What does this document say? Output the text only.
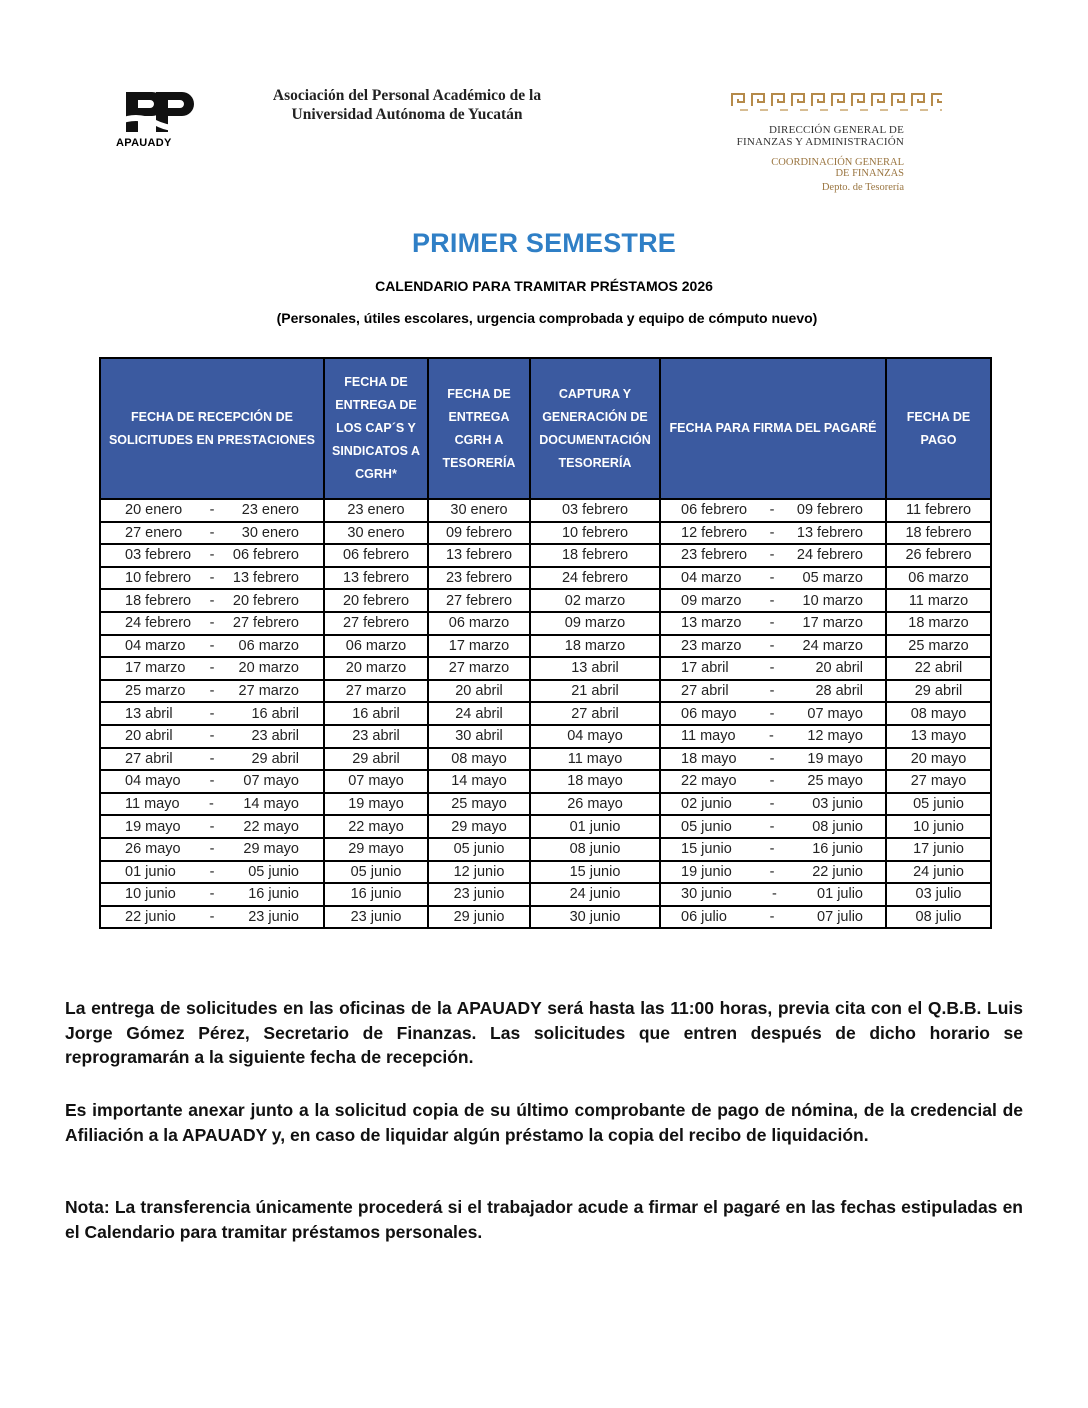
APAUADY
Asociación del Personal Académico de la
Universidad Autónoma de Yucatán
DIRECCIÓN GENERAL DE
FINANZAS Y ADMINISTRACIÓN
COORDINACIÓN GENERAL
DE FINANZAS
Depto. de Tesorería
PRIMER SEMESTRE
CALENDARIO PARA TRAMITAR PRÉSTAMOS 2026
(Personales, útiles escolares, urgencia comprobada y equipo de cómputo nuevo)
FECHA DE RECEPCIÓN DE SOLICITUDES EN PRESTACIONES	FECHA DE ENTREGA DE LOS CAP´S Y SINDICATOS A CGRH*	FECHA DE ENTREGA CGRH A TESORERÍA	CAPTURA Y GENERACIÓN DE DOCUMENTACIÓN TESORERÍA	FECHA PARA FIRMA DEL PAGARÉ	FECHA DE PAGO

20 enero - 23 enero	23 enero	30 enero	03 febrero	06 febrero - 09 febrero	11 febrero

27 enero - 30 enero	30 enero	09 febrero	10 febrero	12 febrero - 13 febrero	18 febrero

03 febrero - 06 febrero	06 febrero	13 febrero	18 febrero	23 febrero - 24 febrero	26 febrero

10 febrero - 13 febrero	13 febrero	23 febrero	24 febrero	04 marzo - 05 marzo	06 marzo

18 febrero - 20 febrero	20 febrero	27 febrero	02 marzo	09 marzo - 10 marzo	11 marzo

24 febrero - 27 febrero	27 febrero	06 marzo	09 marzo	13 marzo - 17 marzo	18 marzo

04 marzo - 06 marzo	06 marzo	17 marzo	18 marzo	23 marzo - 24 marzo	25 marzo

17 marzo - 20 marzo	20 marzo	27 marzo	13 abril	17 abril - 20 abril	22 abril

25 marzo - 27 marzo	27 marzo	20 abril	21 abril	27 abril - 28 abril	29 abril

13 abril - 16 abril	16 abril	24 abril	27 abril	06 mayo - 07 mayo	08 mayo

20 abril - 23 abril	23 abril	30 abril	04 mayo	11 mayo - 12 mayo	13 mayo

27 abril - 29 abril	29 abril	08 mayo	11 mayo	18 mayo - 19 mayo	20 mayo

04 mayo - 07 mayo	07 mayo	14 mayo	18 mayo	22 mayo - 25 mayo	27 mayo

11 mayo - 14 mayo	19 mayo	25 mayo	26 mayo	02 junio - 03 junio	05 junio

19 mayo - 22 mayo	22 mayo	29 mayo	01 junio	05 junio - 08 junio	10 junio

26 mayo - 29 mayo	29 mayo	05 junio	08 junio	15 junio - 16 junio	17 junio

01 junio - 05 junio	05 junio	12 junio	15 junio	19 junio - 22 junio	24 junio

10 junio - 16 junio	16 junio	23 junio	24 junio	30 junio - 01 julio	03 julio

22 junio - 23 junio	23 junio	29 junio	30 junio	06 julio - 07 julio	08 julio
La entrega de solicitudes en las oficinas de la APAUADY será hasta las 11:00 horas, previa cita con el Q.B.B. Luis Jorge Gómez Pérez, Secretario de Finanzas. Las solicitudes que entren después de dicho horario se reprogramarán a la siguiente fecha de recepción.
Es importante anexar junto a la solicitud copia de su último comprobante de pago de nómina, de la credencial de Afiliación a la APAUADY y, en caso de liquidar algún préstamo la copia del recibo de liquidación.
Nota: La transferencia únicamente procederá si el trabajador acude a firmar el pagaré en las fechas estipuladas en el Calendario para tramitar préstamos personales.
